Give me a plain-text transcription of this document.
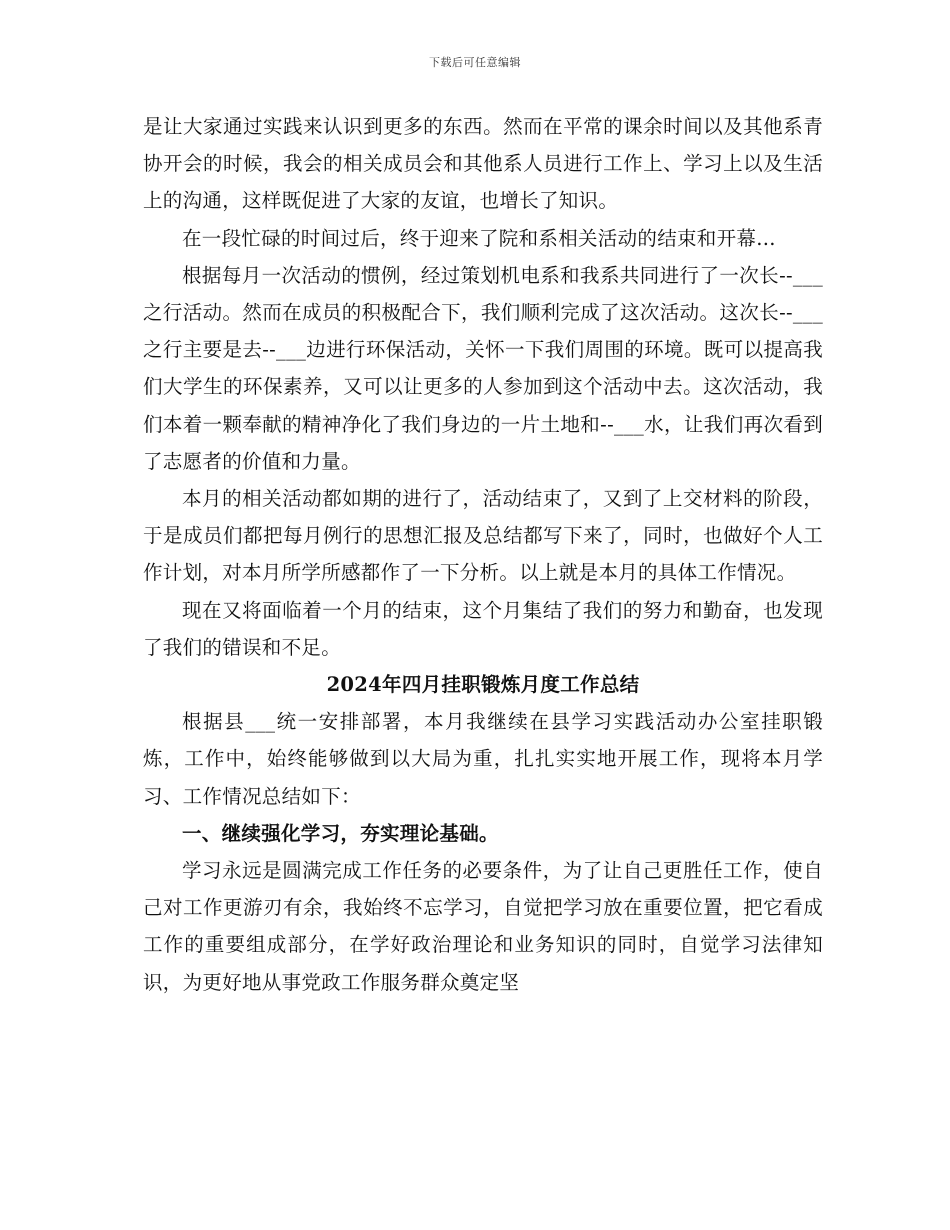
下载后可任意编辑

是让大家通过实践来认识到更多的东西。然而在平常的课余时间以及其他系青协开会的时候，我会的相关成员会和其他系人员进行工作上、学习上以及生活上的沟通，这样既促进了大家的友谊，也增长了知识。

在一段忙碌的时间过后，终于迎来了院和系相关活动的结束和开幕...

根据每月一次活动的惯例，经过策划机电系和我系共同进行了一次长--___之行活动。然而在成员的积极配合下，我们顺利完成了这次活动。这次长--___之行主要是去--___边进行环保活动，关怀一下我们周围的环境。既可以提高我们大学生的环保素养，又可以让更多的人参加到这个活动中去。这次活动，我们本着一颗奉献的精神净化了我们身边的一片土地和--___水，让我们再次看到了志愿者的价值和力量。

本月的相关活动都如期的进行了，活动结束了，又到了上交材料的阶段，于是成员们都把每月例行的思想汇报及总结都写下来了，同时，也做好个人工作计划，对本月所学所感都作了一下分析。以上就是本月的具体工作情况。

现在又将面临着一个月的结束，这个月集结了我们的努力和勤奋，也发现了我们的错误和不足。

2024年四月挂职锻炼月度工作总结

根据县___统一安排部署，本月我继续在县学习实践活动办公室挂职锻炼，工作中，始终能够做到以大局为重，扎扎实实地开展工作，现将本月学习、工作情况总结如下：

一、继续强化学习，夯实理论基础。

学习永远是圆满完成工作任务的必要条件，为了让自己更胜任工作，使自己对工作更游刃有余，我始终不忘学习，自觉把学习放在重要位置，把它看成工作的重要组成部分，在学好政治理论和业务知识的同时，自觉学习法律知识，为更好地从事党政工作服务群众奠定坚
